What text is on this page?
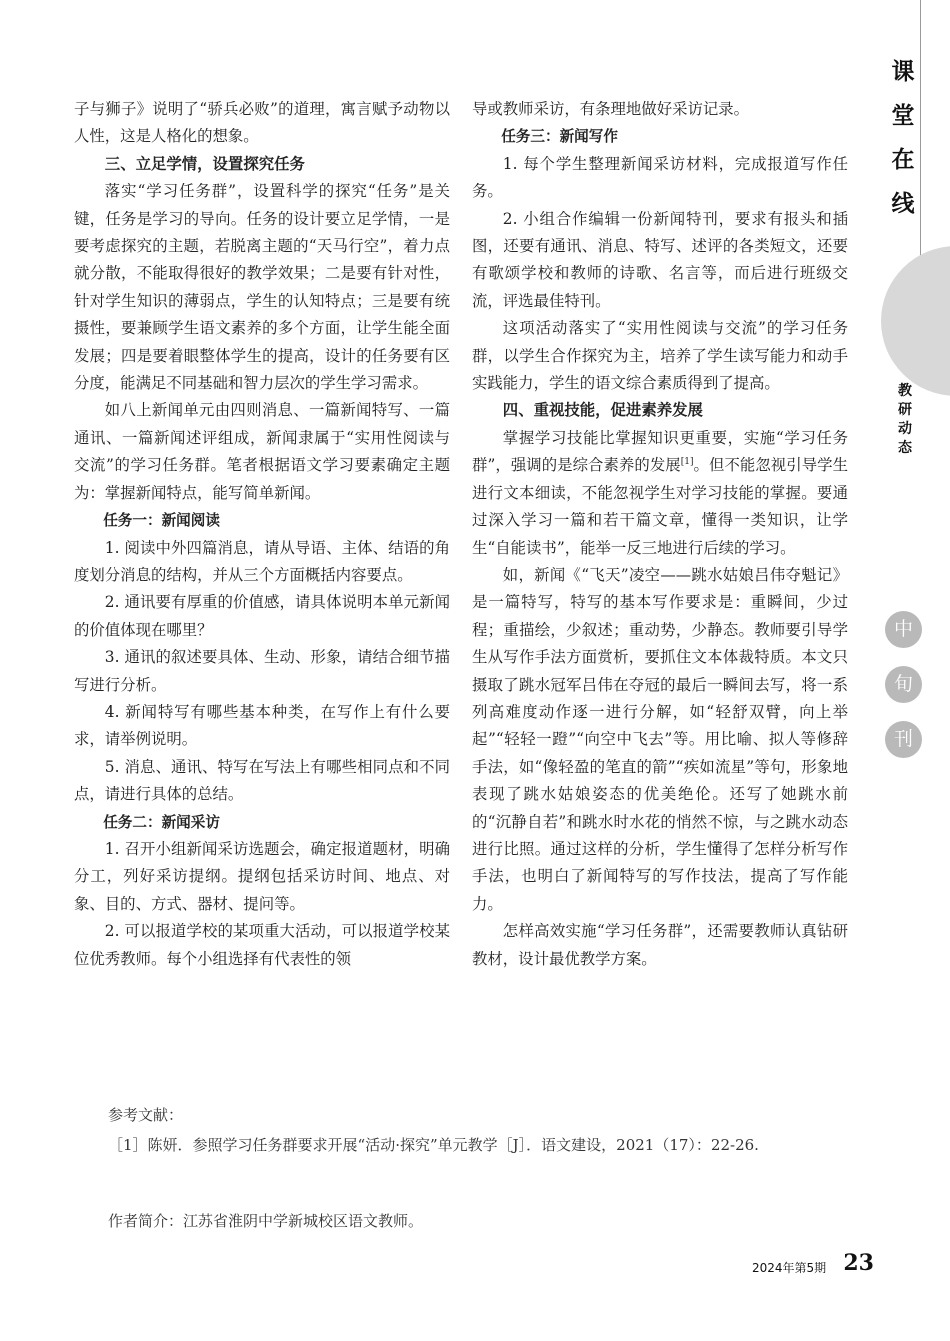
课
堂
在
线
教
研
动
态
中
旬
刊

子与狮子》说明了“骄兵必败”的道理，寓言赋予动物以人性，这是人格化的想象。

三、立足学情，设置探究任务

落实“学习任务群”，设置科学的探究“任务”是关键，任务是学习的导向。任务的设计要立足学情，一是要考虑探究的主题，若脱离主题的“天马行空”，着力点就分散，不能取得很好的教学效果；二是要有针对性，针对学生知识的薄弱点，学生的认知特点；三是要有统摄性，要兼顾学生语文素养的多个方面，让学生能全面发展；四是要着眼整体学生的提高，设计的任务要有区分度，能满足不同基础和智力层次的学生学习需求。

如八上新闻单元由四则消息、一篇新闻特写、一篇通讯、一篇新闻述评组成，新闻隶属于“实用性阅读与交流”的学习任务群。笔者根据语文学习要素确定主题为：掌握新闻特点，能写简单新闻。

任务一：新闻阅读

1. 阅读中外四篇消息，请从导语、主体、结语的角度划分消息的结构，并从三个方面概括内容要点。

2. 通讯要有厚重的价值感，请具体说明本单元新闻的价值体现在哪里？

3. 通讯的叙述要具体、生动、形象，请结合细节描写进行分析。

4. 新闻特写有哪些基本种类，在写作上有什么要求，请举例说明。

5. 消息、通讯、特写在写法上有哪些相同点和不同点，请进行具体的总结。

任务二：新闻采访

1. 召开小组新闻采访选题会，确定报道题材，明确分工，列好采访提纲。提纲包括采访时间、地点、对象、目的、方式、器材、提问等。

2. 可以报道学校的某项重大活动，可以报道学校某位优秀教师。每个小组选择有代表性的领

导或教师采访，有条理地做好采访记录。

任务三：新闻写作

1. 每个学生整理新闻采访材料，完成报道写作任务。

2. 小组合作编辑一份新闻特刊，要求有报头和插图，还要有通讯、消息、特写、述评的各类短文，还要有歌颂学校和教师的诗歌、名言等，而后进行班级交流，评选最佳特刊。

这项活动落实了“实用性阅读与交流”的学习任务群，以学生合作探究为主，培养了学生读写能力和动手实践能力，学生的语文综合素质得到了提高。

四、重视技能，促进素养发展

掌握学习技能比掌握知识更重要，实施“学习任务群”，强调的是综合素养的发展[1]。但不能忽视引导学生进行文本细读，不能忽视学生对学习技能的掌握。要通过深入学习一篇和若干篇文章，懂得一类知识，让学生“自能读书”，能举一反三地进行后续的学习。

如，新闻《“飞天”凌空——跳水姑娘吕伟夺魁记》是一篇特写，特写的基本写作要求是：重瞬间，少过程；重描绘，少叙述；重动势，少静态。教师要引导学生从写作手法方面赏析，要抓住文本体裁特质。本文只摄取了跳水冠军吕伟在夺冠的最后一瞬间去写，将一系列高难度动作逐一进行分解，如“轻舒双臂，向上举起”“轻轻一蹬”“向空中飞去”等。用比喻、拟人等修辞手法，如“像轻盈的笔直的箭”“疾如流星”等句，形象地表现了跳水姑娘姿态的优美绝伦。还写了她跳水前的“沉静自若”和跳水时水花的悄然不惊，与之跳水动态进行比照。通过这样的分析，学生懂得了怎样分析写作手法，也明白了新闻特写的写作技法，提高了写作能力。

怎样高效实施“学习任务群”，还需要教师认真钻研教材，设计最优教学方案。

参考文献：

［1］陈妍．参照学习任务群要求开展“活动·探究”单元教学［J］．语文建设，2021（17）：22-26.

作者简介：江苏省淮阴中学新城校区语文教师。
2024年第5期 23
